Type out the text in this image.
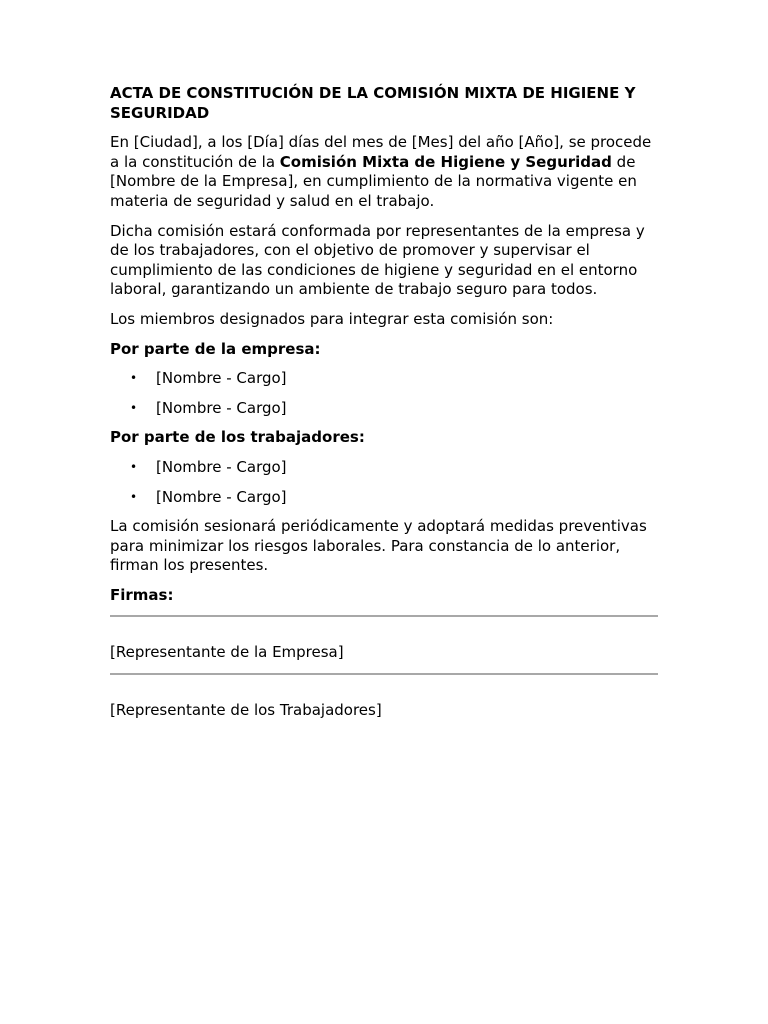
ACTA DE CONSTITUCIÓN DE LA COMISIÓN MIXTA DE HIGIENE Y SEGURIDAD

En [Ciudad], a los [Día] días del mes de [Mes] del año [Año], se procede a la constitución de la Comisión Mixta de Higiene y Seguridad de [Nombre de la Empresa], en cumplimiento de la normativa vigente en materia de seguridad y salud en el trabajo.

Dicha comisión estará conformada por representantes de la empresa y de los trabajadores, con el objetivo de promover y supervisar el cumplimiento de las condiciones de higiene y seguridad en el entorno laboral, garantizando un ambiente de trabajo seguro para todos.

Los miembros designados para integrar esta comisión son:

Por parte de la empresa:
• [Nombre - Cargo]
• [Nombre - Cargo]
Por parte de los trabajadores:
• [Nombre - Cargo]
• [Nombre - Cargo]

La comisión sesionará periódicamente y adoptará medidas preventivas para minimizar los riesgos laborales. Para constancia de lo anterior, firman los presentes.

Firmas:
[Representante de la Empresa]
[Representante de los Trabajadores]
